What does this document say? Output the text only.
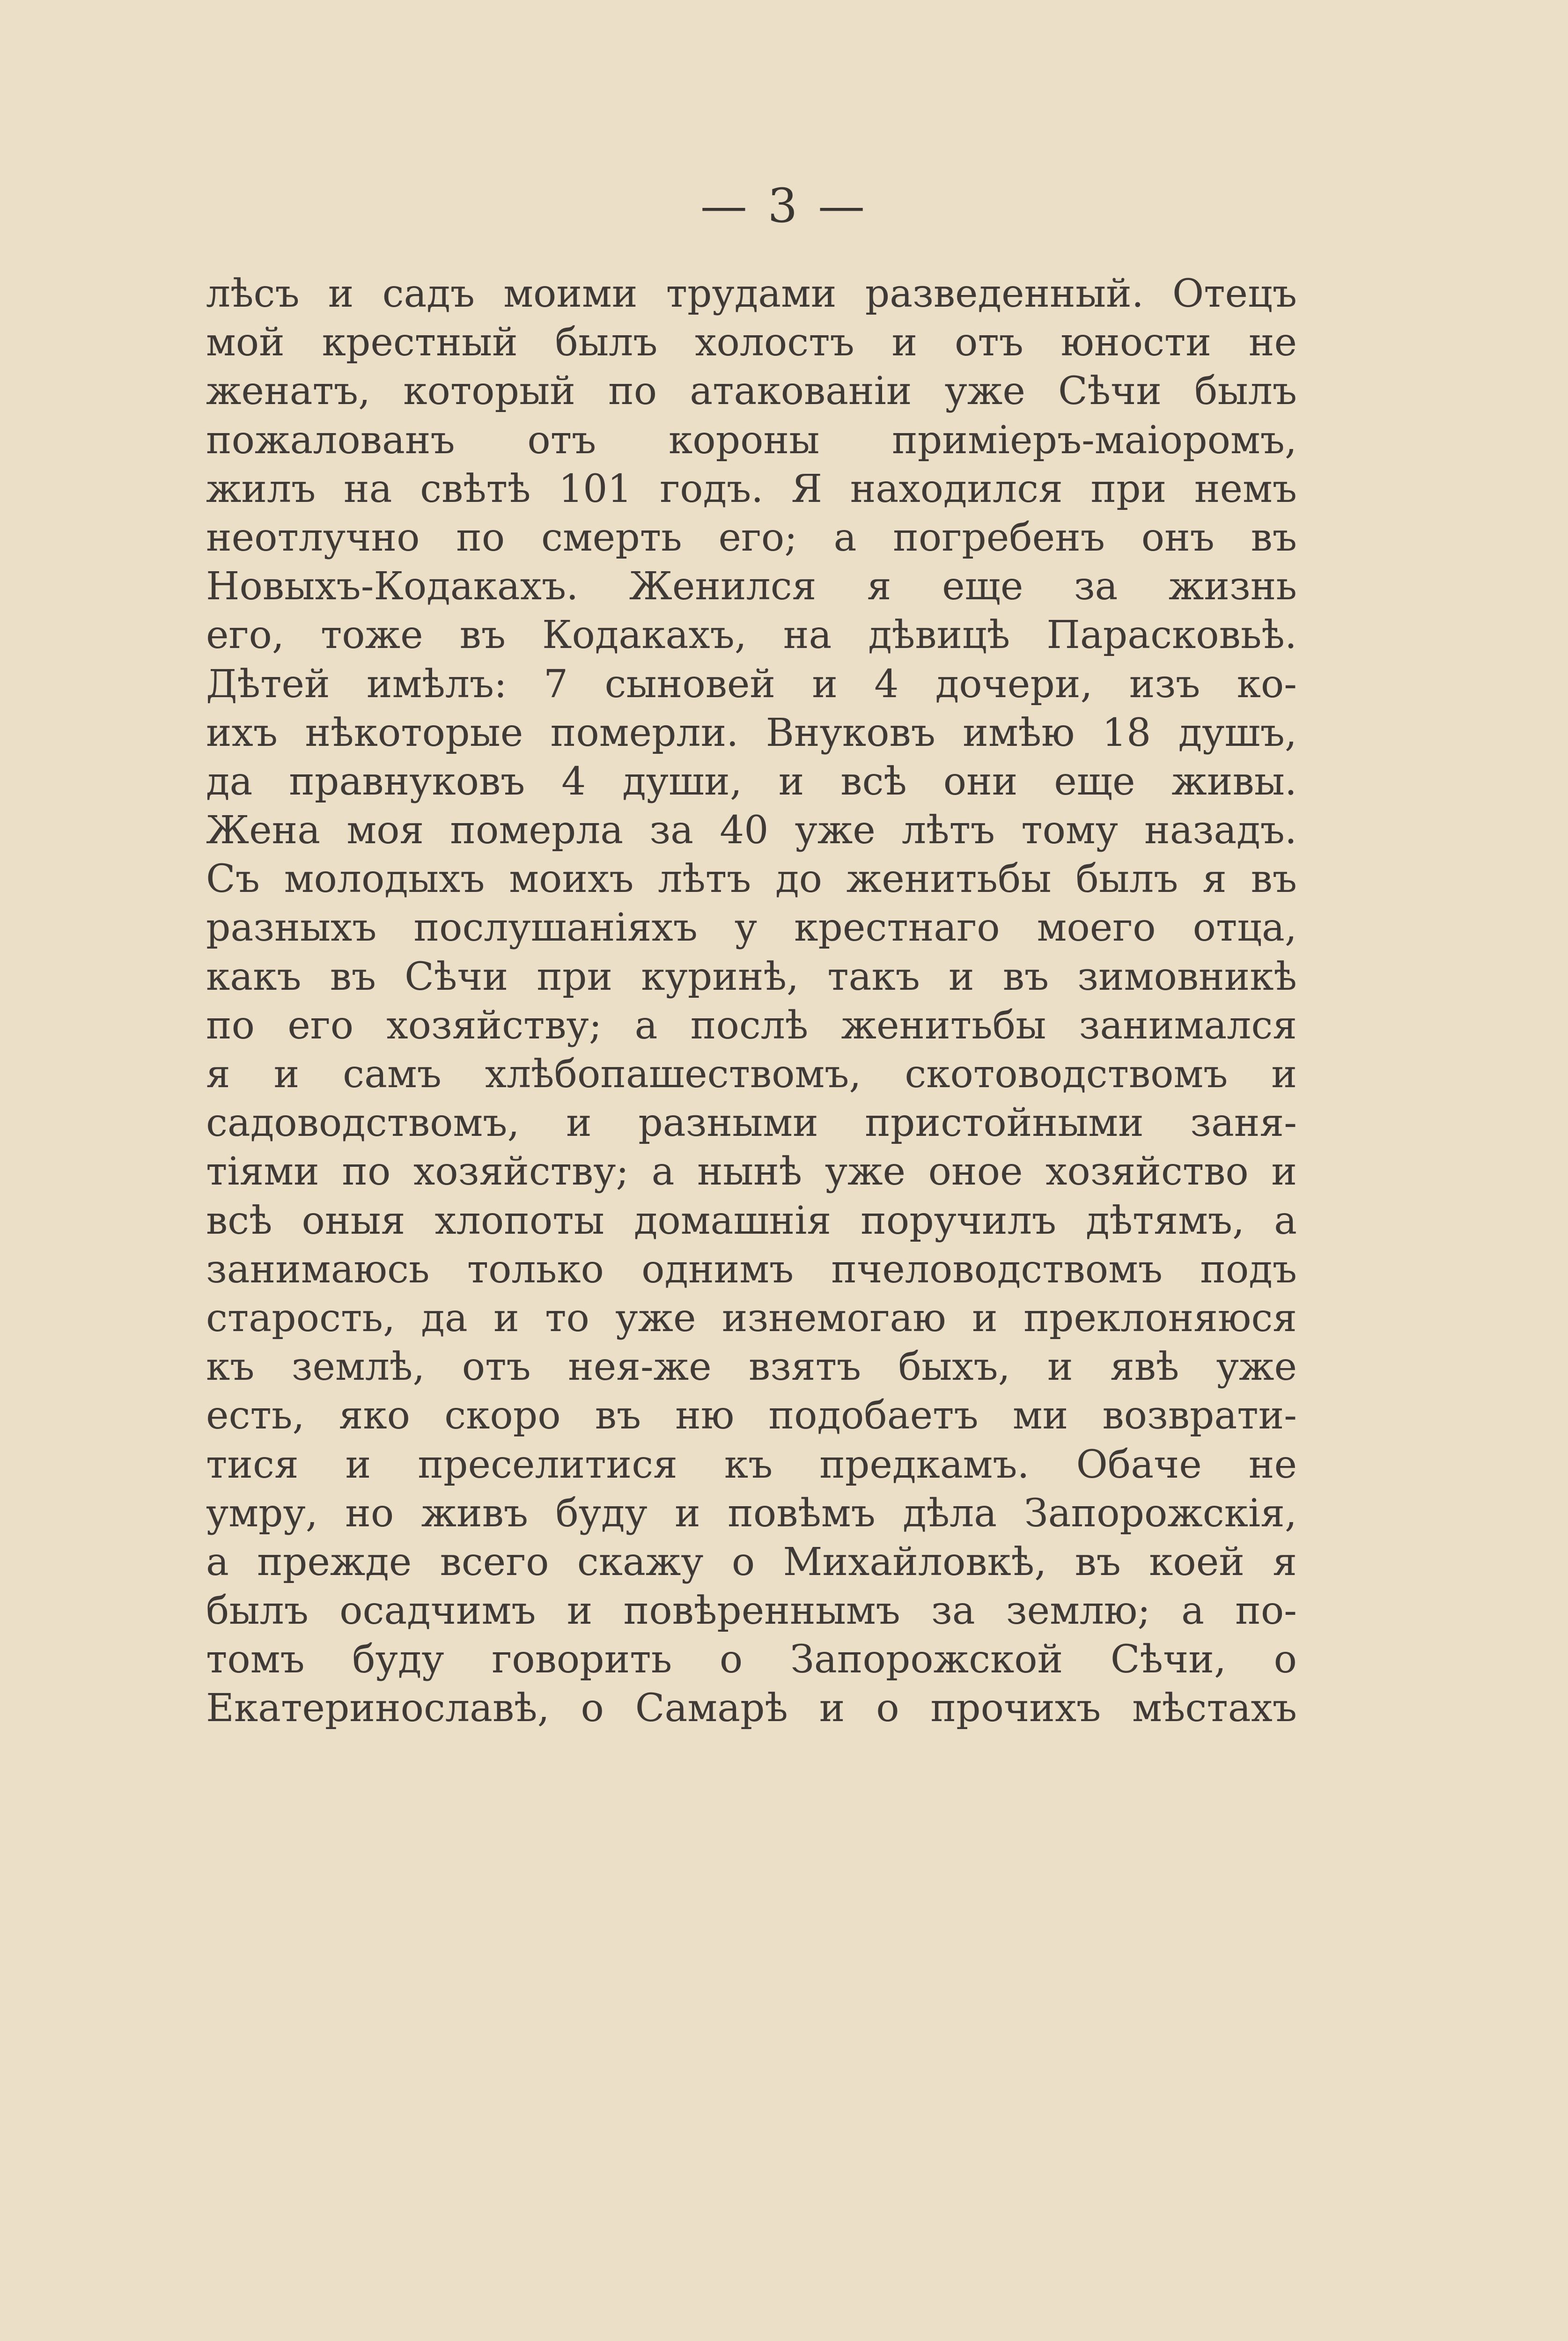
— 3 —
лѣсъ и садъ моими трудами разведенный. Отецъ
мой крестный былъ холостъ и отъ юности не
женатъ, который по атакованіи уже Сѣчи былъ
пожалованъ отъ короны приміеръ-маіоромъ,
жилъ на свѣтѣ 101 годъ. Я находился при немъ
неотлучно по смерть его; а погребенъ онъ въ
Новыхъ-Кодакахъ. Женился я еще за жизнь
его, тоже въ Кодакахъ, на дѣвицѣ Парасковьѣ.
Дѣтей имѣлъ: 7 сыновей и 4 дочери, изъ ко-
ихъ нѣкоторые померли. Внуковъ имѣю 18 душъ,
да правнуковъ 4 души, и всѣ они еще живы.
Жена моя померла за 40 уже лѣтъ тому назадъ.
Съ молодыхъ моихъ лѣтъ до женитьбы былъ я въ
разныхъ послушаніяхъ у крестнаго моего отца,
какъ въ Сѣчи при куринѣ, такъ и въ зимовникѣ
по его хозяйству; а послѣ женитьбы занимался
я и самъ хлѣбопашествомъ, скотоводствомъ и
садоводствомъ, и разными пристойными заня-
тіями по хозяйству; а нынѣ уже оное хозяйство и
всѣ оныя хлопоты домашнія поручилъ дѣтямъ, а
занимаюсь только однимъ пчеловодствомъ подъ
старость, да и то уже изнемогаю и преклоняюся
къ землѣ, отъ нея-же взятъ быхъ, и явѣ уже
есть, яко скоро въ ню подобаетъ ми возврати-
тися и преселитися къ предкамъ. Обаче не
умру, но живъ буду и повѣмъ дѣла Запорожскія,
а прежде всего скажу о Михайловкѣ, въ коей я
былъ осадчимъ и повѣреннымъ за землю; а по-
томъ буду говорить о Запорожской Сѣчи, о
Екатеринославѣ, о Самарѣ и о прочихъ мѣстахъ
